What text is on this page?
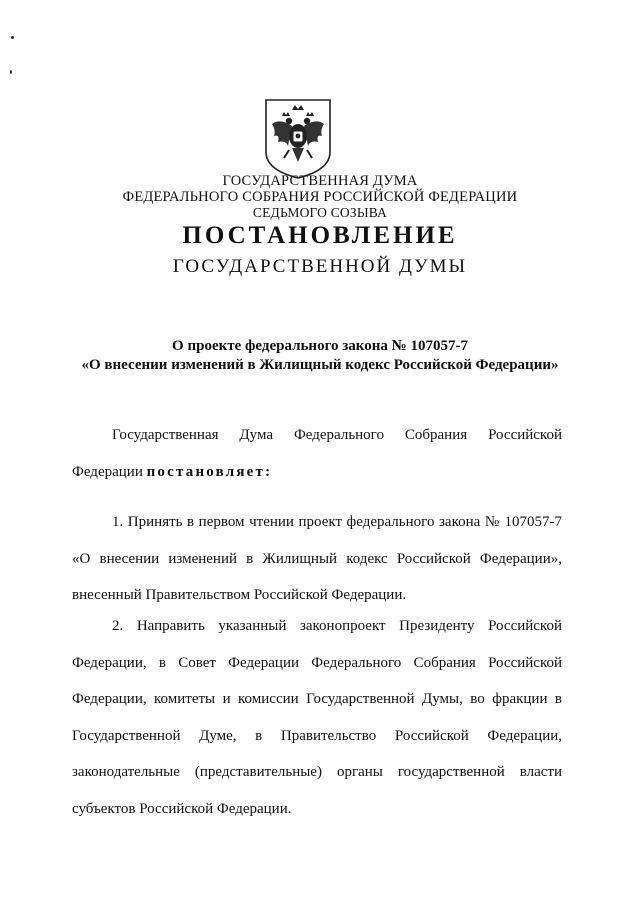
ГОСУДАРСТВЕННАЯ ДУМА
ФЕДЕРАЛЬНОГО СОБРАНИЯ РОССИЙСКОЙ ФЕДЕРАЦИИ
СЕДЬМОГО СОЗЫВА
ПОСТАНОВЛЕНИЕ
ГОСУДАРСТВЕННОЙ ДУМЫ
О проекте федерального закона № 107057-7
«О внесении изменений в Жилищный кодекс Российской Федерации»
Государственная Дума Федерального Собрания Российской Федерации постановляет:
1. Принять в первом чтении проект федерального закона № 107057-7 «О внесении изменений в Жилищный кодекс Российской Федерации», внесенный Правительством Российской Федерации.
2. Направить указанный законопроект Президенту Российской Федерации, в Совет Федерации Федерального Собрания Российской Федерации, комитеты и комиссии Государственной Думы, во фракции в Государственной Думе, в Правительство Российской Федерации, законодательные (представительные) органы государственной власти субъектов Российской Федерации.
